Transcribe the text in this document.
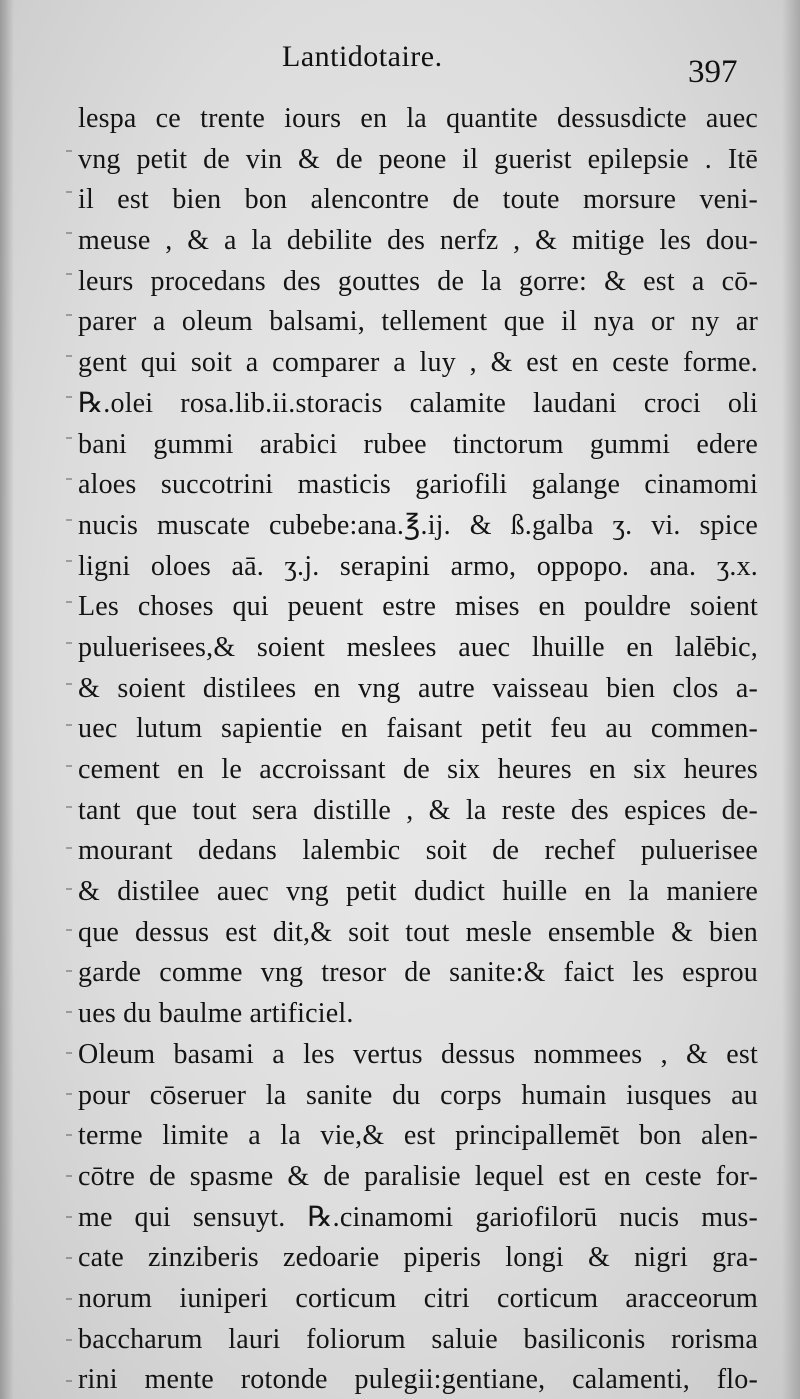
Lantidotaire.	397
lespa ce trente iours en la quantite dessusdicte auec
vng petit de vin & de peone il guerist epilepsie . Itē
il est bien bon alencontre de toute morsure veni-
meuse , & a la debilite des nerfz , & mitige les dou-
leurs procedans des gouttes de la gorre: & est a cō-
parer a oleum balsami, tellement que il nya or ny ar
gent qui soit a comparer a luy , & est en ceste forme.
℞.olei rosa.lib.ii.storacis calamite laudani croci oli
bani gummi arabici rubee tinctorum gummi edere
aloes succotrini masticis gariofili galange cinamomi
nucis muscate cubebe:ana.℥.ij. & ß.galba ʒ. vi. spice
ligni oloes aā. ʒ.j. serapini armo, oppopo. ana. ʒ.x.
Les choses qui peuent estre mises en pouldre soient
puluerisees,& soient meslees auec lhuille en lalēbic,
& soient distilees en vng autre vaisseau bien clos a-
uec lutum sapientie en faisant petit feu au commen-
cement en le accroissant de six heures en six heures
tant que tout sera distille , & la reste des espices de-
mourant dedans lalembic soit de rechef puluerisee
& distilee auec vng petit dudict huille en la maniere
que dessus est dit,& soit tout mesle ensemble & bien
garde comme vng tresor de sanite:& faict les esprou
ues du baulme artificiel.
Oleum basami a les vertus dessus nommees , & est
pour cōseruer la sanite du corps humain iusques au
terme limite a la vie,& est principallemēt bon alen-
cōtre de spasme & de paralisie lequel est en ceste for-
me qui sensuyt. ℞.cinamomi gariofilorū nucis mus-
cate zinziberis zedoarie piperis longi & nigri gra-
norum iuniperi corticum citri corticum aracceorum
baccharum lauri foliorum saluie basiliconis rorisma
rini mente rotonde pulegii:gentiane, calamenti, flo-
